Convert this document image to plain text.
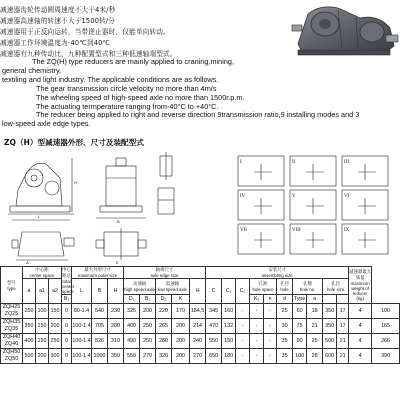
减速器齿轮传动圆周速度不大于4米/秒
减速器高速轴的转速不大于1500转/分
减速器用于正反向运转，当带逆止器时，仅能单向转动。
减速器工作环境温度为-40℃到40℃
减速器有九种传动比，九种配置型式和三种低速轴端型式。
The ZQ(H) type reducers are mainly applied to craning,mining,
general chemistry,
textiling and light industry. The applicable conditions are as follows.
The gear transmission circle velocity no more than 4m/s
The wheeling speed of high-speed axle no more than 1500r.p.m.
The actuating termperature ranging from-40°C to +40°C.
The reducer being applied to right and reverse direction 9transmission ratio,9 installing modes and 3
low-speed axle edge types.
ZQ（H）型减速器外形、尺寸及装配型式
H
L
A
B
K
I	II	III
IV	V	VI
VII	VIII	IX
型号
type	中心距
center space			中心距总
total center space	最大外形尺寸
maximum outer size			轴端尺寸
axle edge size					安装尺寸
assembling size										减速器最大质量
maximum weight of reducer
(kg)	
	a	a1	a2		L	B	H	高速轴
high speed axle		低速轴
low speed axle		H	C	C₁	C₂	孔距
hole space		孔径
hole	孔数
hole no.		孔径
hole size			
				B₁				D₁	B₂	D₂	K					K₁	n	d	Type	a				
ZQH25
ZQ25	250	100	150	0	80-1.4	540	230	325	200	220	170	184.5	345	160	-	-	-	25	60	18	350	17	4	100
ZQH35
ZQ35	350	150	200	0	100-1.4	705	280	400	250	265	200	214	470	132	-	-	-	30	75	21	350	17	4	165
ZQH40
ZQ40	400	150	250	0	100-1.4	826	310	490	250	280	200	240	550	150	-	-	-	35	90	25	500	21	4	266
ZQH50
ZQ50	500	200	300	0	100-1.4	1000	350	550	270	320	200	270	650	180	-	-	-	35	100	28	600	21	4	390
